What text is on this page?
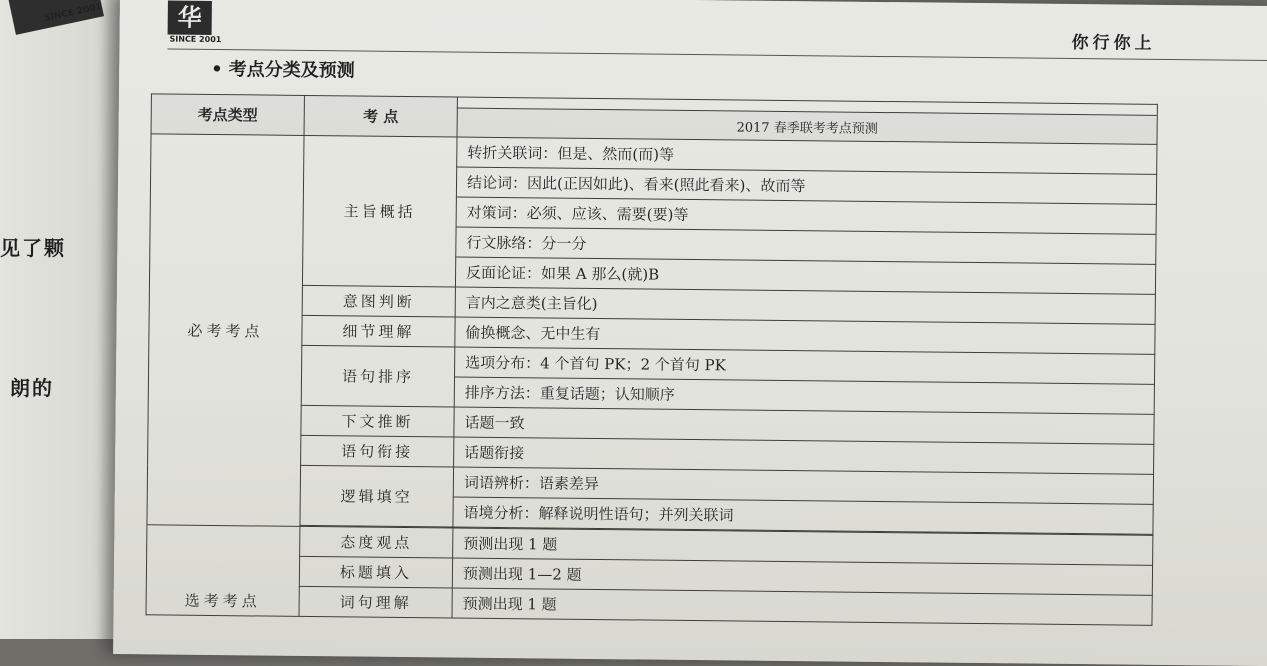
SINCE 2001
见了颗
朗的
华
SINCE 2001	你行你上
• 考点分类及预测
考点类型	考 点	
		2017 春季联考考点预测
必考考点	主旨概括	转折关联词：但是、然而(而)等
		结论词：因此(正因如此)、看来(照此看来)、故而等
		对策词：必须、应该、需要(要)等
		行文脉络：分一分
		反面论证：如果 A 那么(就)B
	意图判断	言内之意类(主旨化)
	细节理解	偷换概念、无中生有
	语句排序	选项分布：4 个首句 PK；2 个首句 PK
		排序方法：重复话题；认知顺序
	下文推断	话题一致
	语句衔接	话题衔接
	逻辑填空	词语辨析：语素差异
		语境分析：解释说明性语句；并列关联词

选考考点	态度观点	预测出现 1 题
	标题填入	预测出现 1—2 题
	词句理解	预测出现 1 题
